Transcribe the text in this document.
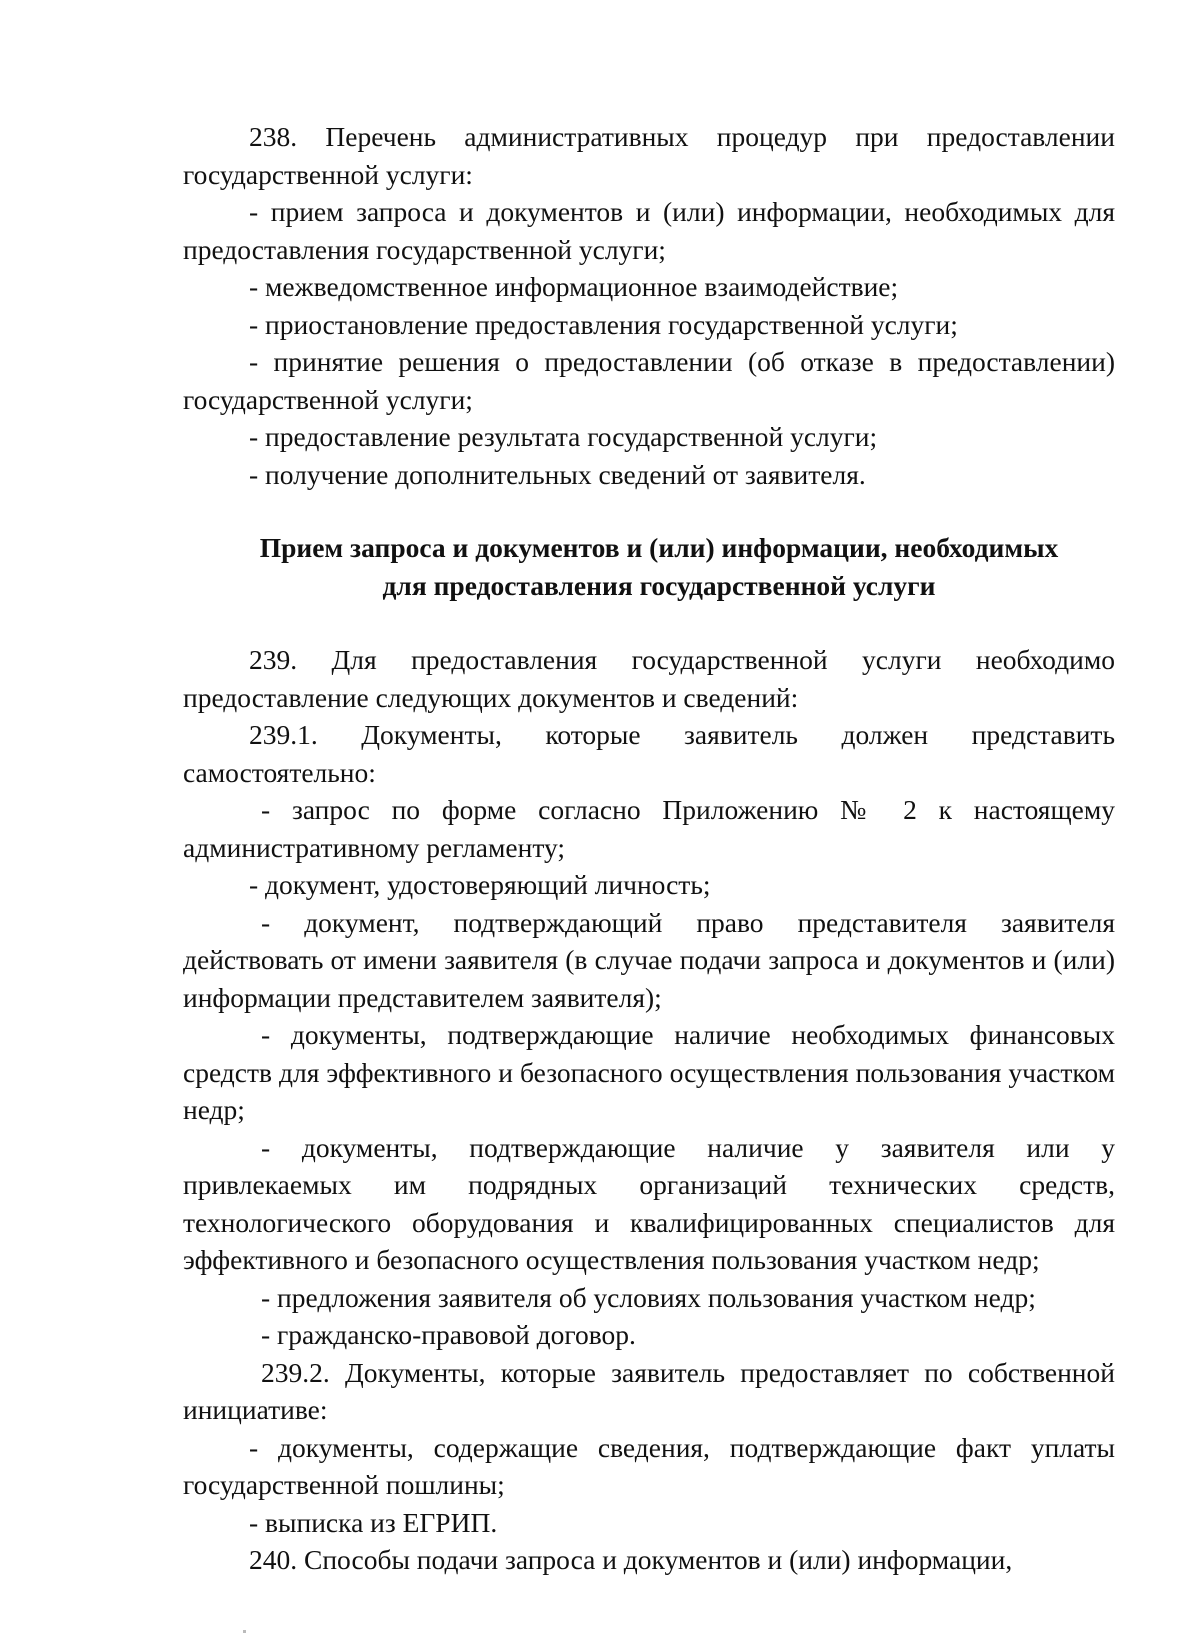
238. Перечень административных процедур при предоставлении государственной услуги:

- прием запроса и документов и (или) информации, необходимых для предоставления государственной услуги;

- межведомственное информационное взаимодействие;

- приостановление предоставления государственной услуги;

- принятие решения о предоставлении (об отказе в предоставлении) государственной услуги;

- предоставление результата государственной услуги;

- получение дополнительных сведений от заявителя.

Прием запроса и документов и (или) информации, необходимых
для предоставления государственной услуги

239. Для предоставления государственной услуги необходимо предоставление следующих документов и сведений:

239.1. Документы, которые заявитель должен представить самостоятельно:

- запрос по форме согласно Приложению № 2 к настоящему административному регламенту;

- документ, удостоверяющий личность;

- документ, подтверждающий право представителя заявителя действовать от имени заявителя (в случае подачи запроса и документов и (или) информации представителем заявителя);

- документы, подтверждающие наличие необходимых финансовых средств для эффективного и безопасного осуществления пользования участком недр;

- документы, подтверждающие наличие у заявителя или у привлекаемых им подрядных организаций технических средств, технологического оборудования и квалифицированных специалистов для эффективного и безопасного осуществления пользования участком недр;

- предложения заявителя об условиях пользования участком недр;

- гражданско-правовой договор.

239.2. Документы, которые заявитель предоставляет по собственной инициативе:

- документы, содержащие сведения, подтверждающие факт уплаты государственной пошлины;

- выписка из ЕГРИП.

240. Способы подачи запроса и документов и (или) информации,
